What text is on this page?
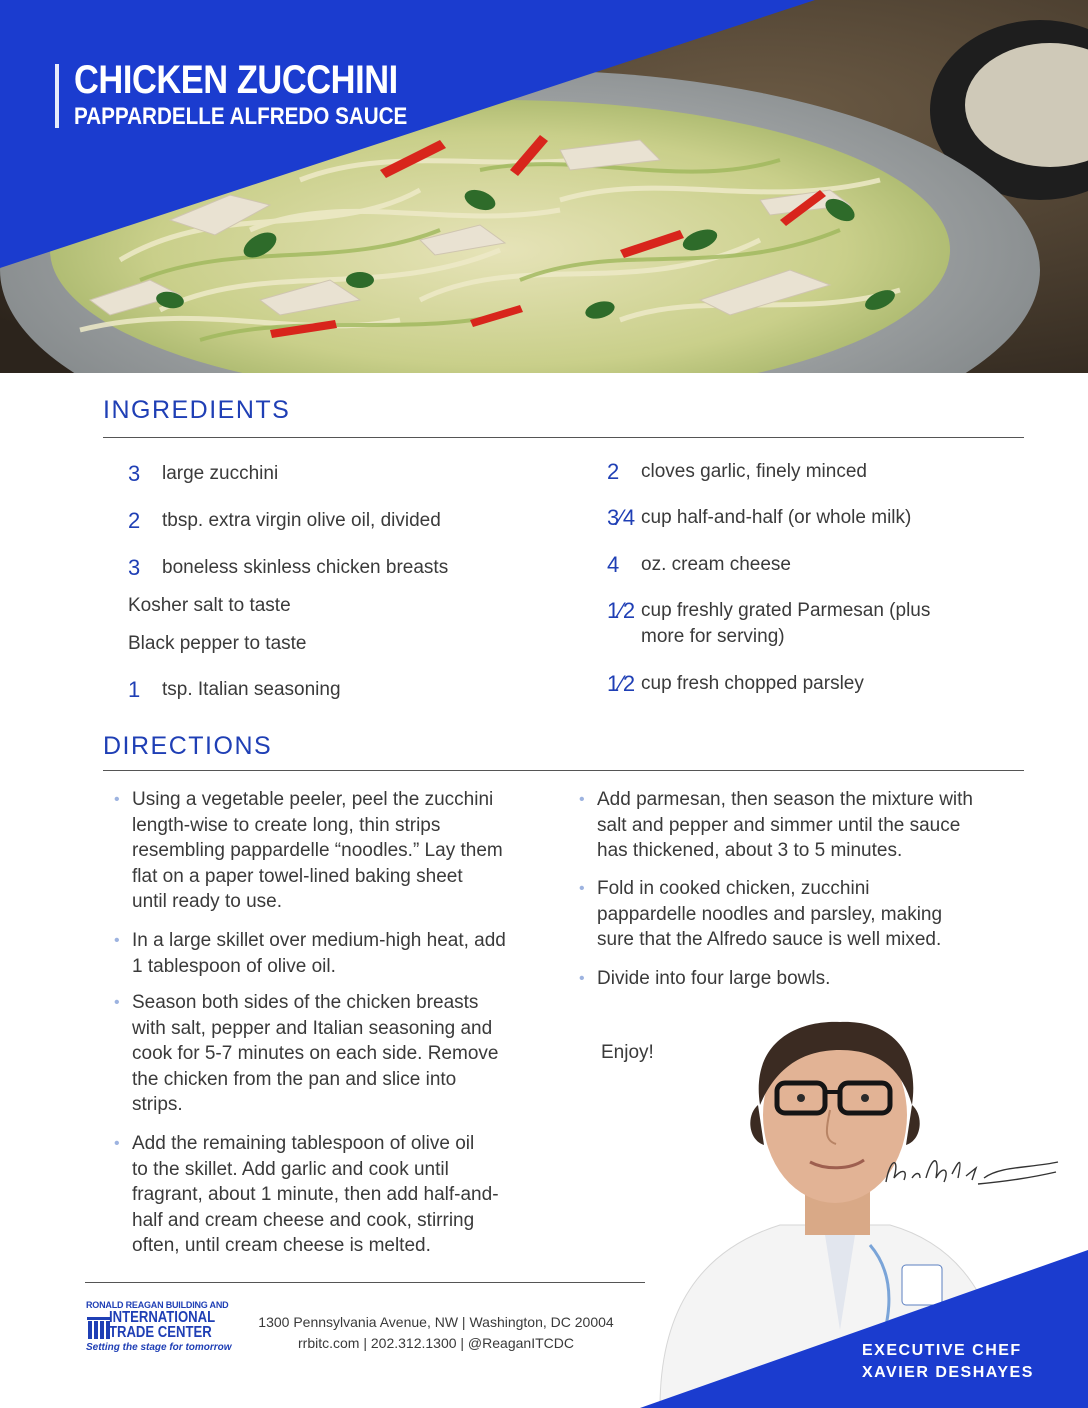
CHICKEN ZUCCHINI
PAPPARDELLE ALFREDO SAUCE
INGREDIENTS
3 large zucchini
2 tbsp. extra virgin olive oil, divided
3 boneless skinless chicken breasts
Kosher salt to taste
Black pepper to taste
1 tsp. Italian seasoning
2 cloves garlic, finely minced
3⁄4 cup half-and-half (or whole milk)
4 oz. cream cheese
1⁄2 cup freshly grated Parmesan (plus
more for serving)
1⁄2 cup fresh chopped parsley
DIRECTIONS
• Using a vegetable peeler, peel the zucchini
length-wise to create long, thin strips
resembling pappardelle “noodles.” Lay them
flat on a paper towel-lined baking sheet
until ready to use.
• In a large skillet over medium-high heat, add
1 tablespoon of olive oil.
• Season both sides of the chicken breasts
with salt, pepper and Italian seasoning and
cook for 5-7 minutes on each side. Remove
the chicken from the pan and slice into
strips.
• Add the remaining tablespoon of olive oil
to the skillet. Add garlic and cook until
fragrant, about 1 minute, then add half-and-
half and cream cheese and cook, stirring
often, until cream cheese is melted.
• Add parmesan, then season the mixture with
salt and pepper and simmer until the sauce
has thickened, about 3 to 5 minutes.
• Fold in cooked chicken, zucchini
pappardelle noodles and parsley, making
sure that the Alfredo sauce is well mixed.
• Divide into four large bowls.
Enjoy!
EXECUTIVE CHEF
XAVIER DESHAYES
RONALD REAGAN BUILDING AND
INTERNATIONAL
TRADE CENTER
Setting the stage for tomorrow
1300 Pennsylvania Avenue, NW | Washington, DC 20004
rrbitc.com | 202.312.1300 | @ReaganITCDC
